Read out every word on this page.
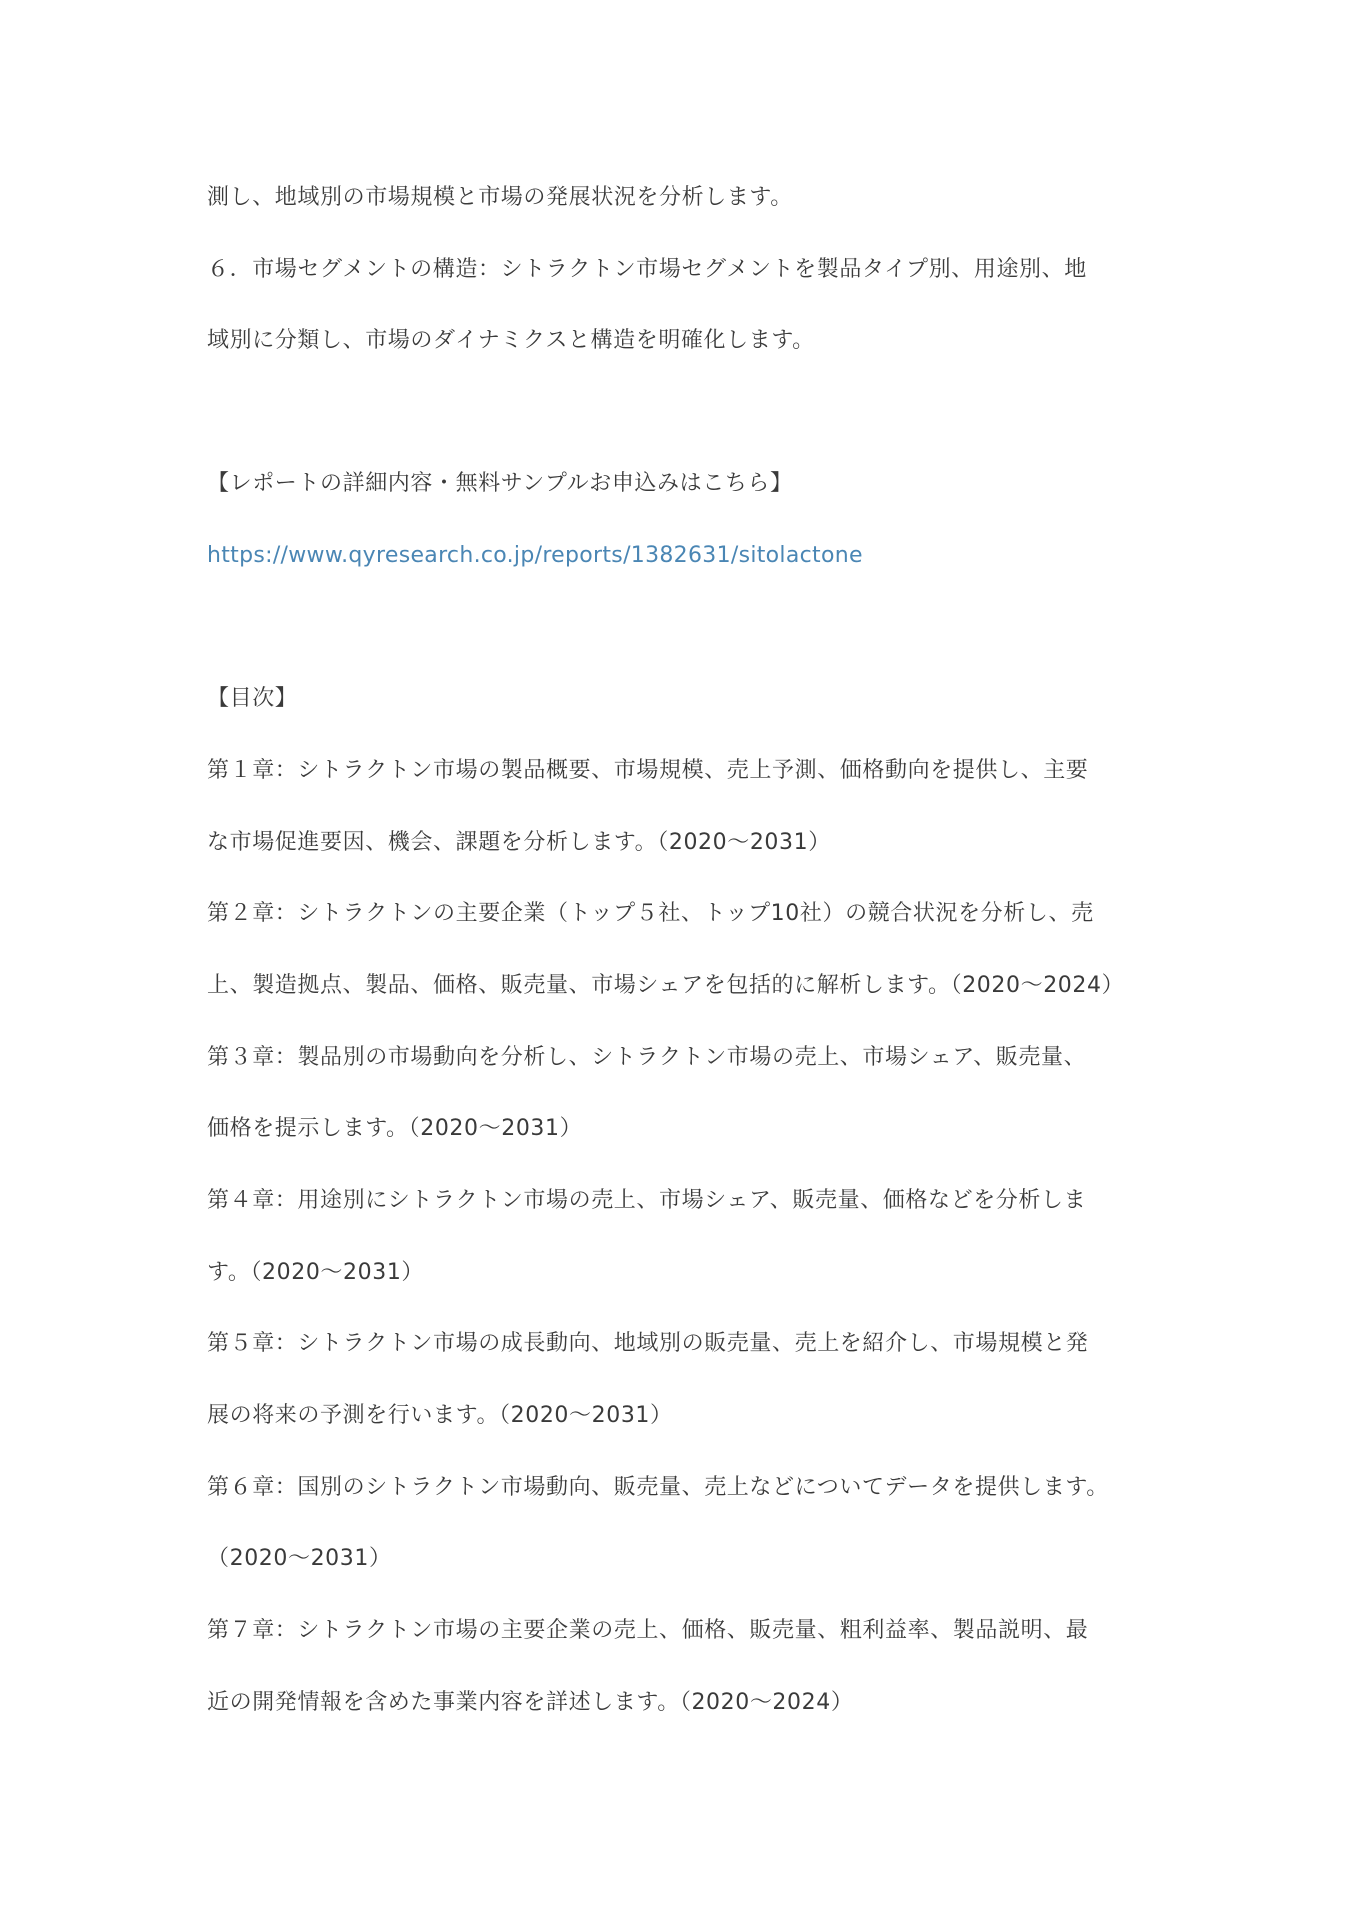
測し、地域別の市場規模と市場の発展状況を分析します。
６．市場セグメントの構造：シトラクトン市場セグメントを製品タイプ別、用途別、地
域別に分類し、市場のダイナミクスと構造を明確化します。
【レポートの詳細内容・無料サンプルお申込みはこちら】
https://www.qyresearch.co.jp/reports/1382631/sitolactone
【目次】
第１章：シトラクトン市場の製品概要、市場規模、売上予測、価格動向を提供し、主要
な市場促進要因、機会、課題を分析します。（2020～2031）
第２章：シトラクトンの主要企業（トップ５社、トップ10社）の競合状況を分析し、売
上、製造拠点、製品、価格、販売量、市場シェアを包括的に解析します。（2020～2024）
第３章：製品別の市場動向を分析し、シトラクトン市場の売上、市場シェア、販売量、
価格を提示します。（2020～2031）
第４章：用途別にシトラクトン市場の売上、市場シェア、販売量、価格などを分析しま
す。（2020～2031）
第５章：シトラクトン市場の成長動向、地域別の販売量、売上を紹介し、市場規模と発
展の将来の予測を行います。（2020～2031）
第６章：国別のシトラクトン市場動向、販売量、売上などについてデータを提供します。
（2020～2031）
第７章：シトラクトン市場の主要企業の売上、価格、販売量、粗利益率、製品説明、最
近の開発情報を含めた事業内容を詳述します。（2020～2024）
